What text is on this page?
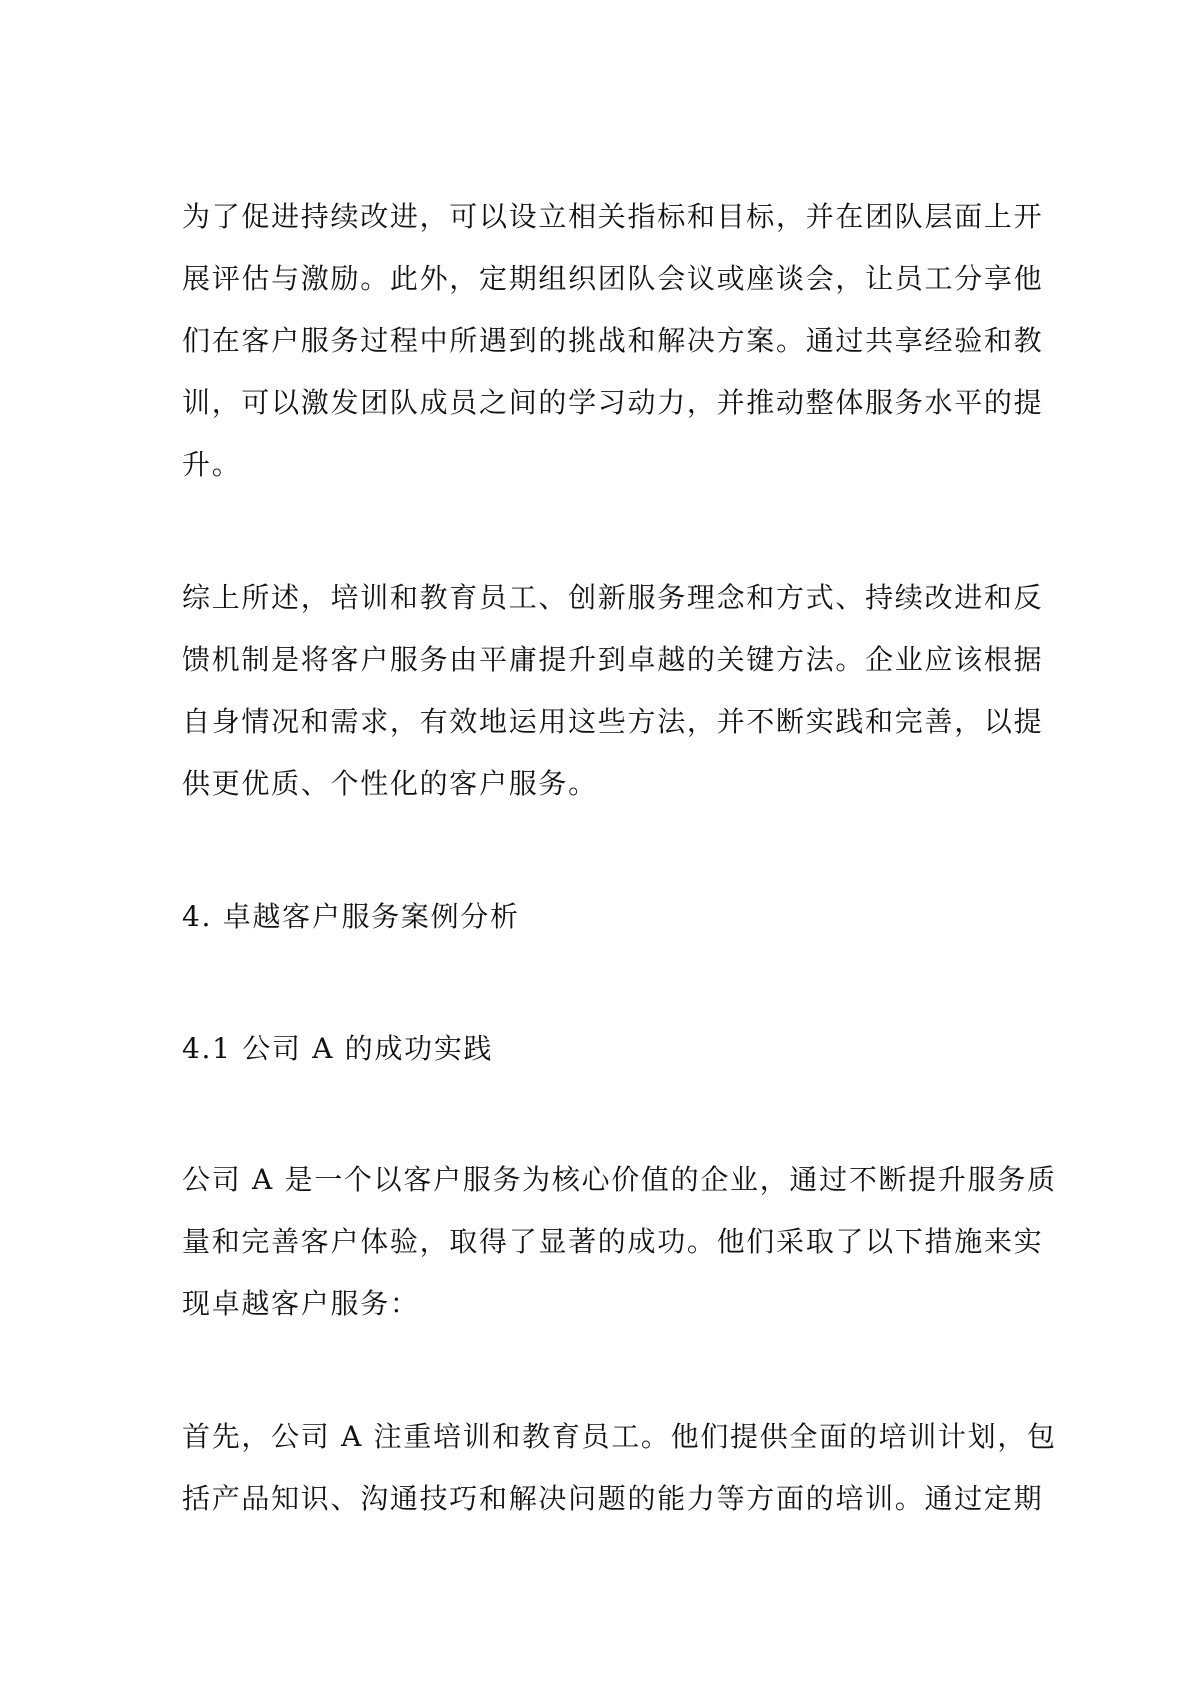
为了促进持续改进，可以设立相关指标和目标，并在团队层面上开
展评估与激励。此外，定期组织团队会议或座谈会，让员工分享他
们在客户服务过程中所遇到的挑战和解决方案。通过共享经验和教
训，可以激发团队成员之间的学习动力，并推动整体服务水平的提
升。
综上所述，培训和教育员工、创新服务理念和方式、持续改进和反
馈机制是将客户服务由平庸提升到卓越的关键方法。企业应该根据
自身情况和需求，有效地运用这些方法，并不断实践和完善，以提
供更优质、个性化的客户服务。
4. 卓越客户服务案例分析
4.1 公司 A 的成功实践
公司 A 是一个以客户服务为核心价值的企业，通过不断提升服务质
量和完善客户体验，取得了显著的成功。他们采取了以下措施来实
现卓越客户服务：
首先，公司 A 注重培训和教育员工。他们提供全面的培训计划，包
括产品知识、沟通技巧和解决问题的能力等方面的培训。通过定期
